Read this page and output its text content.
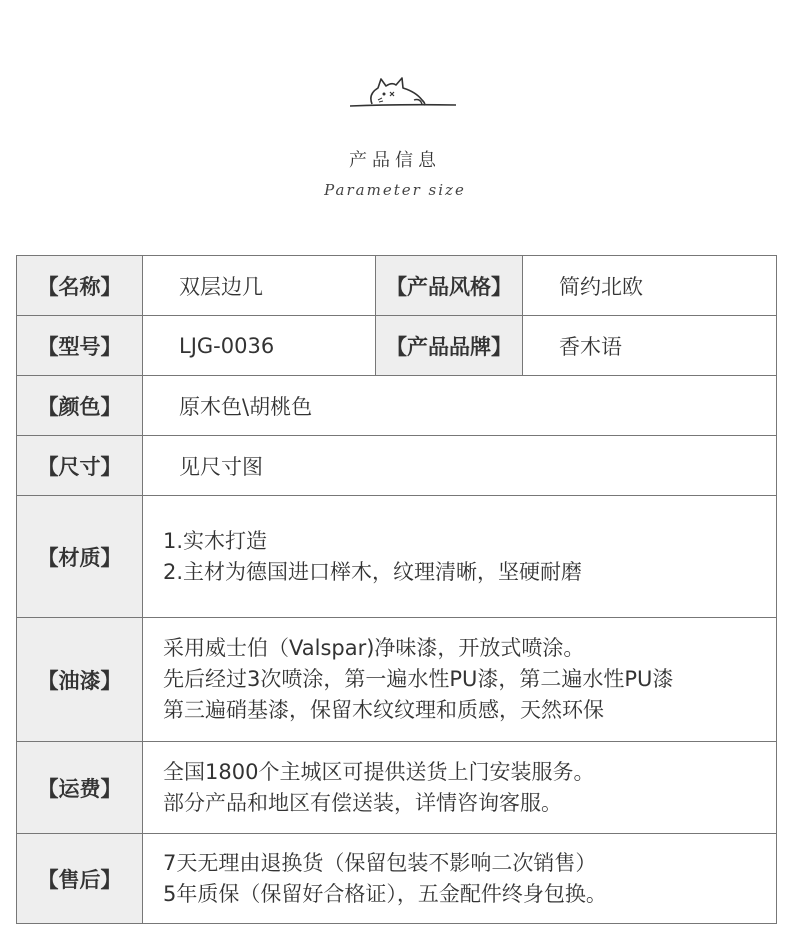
产品信息
Parameter size
【名称】	双层边几	【产品风格】	简约北欧
【型号】	LJG-0036	【产品品牌】	香木语
【颜色】	原木色\胡桃色		
【尺寸】	见尺寸图		
【材质】	1.实木打造
2.主材为德国进口榉木，纹理清晰，坚硬耐磨		

【油漆】	采用威士伯（Valspar)净味漆，开放式喷涂。
先后经过3次喷涂，第一遍水性PU漆，第二遍水性PU漆
第三遍硝基漆，保留木纹纹理和质感，天然环保		

【运费】	全国1800个主城区可提供送货上门安装服务。
部分产品和地区有偿送装，详情咨询客服。		

【售后】	7天无理由退换货（保留包装不影响二次销售）
5年质保（保留好合格证），五金配件终身包换。		
